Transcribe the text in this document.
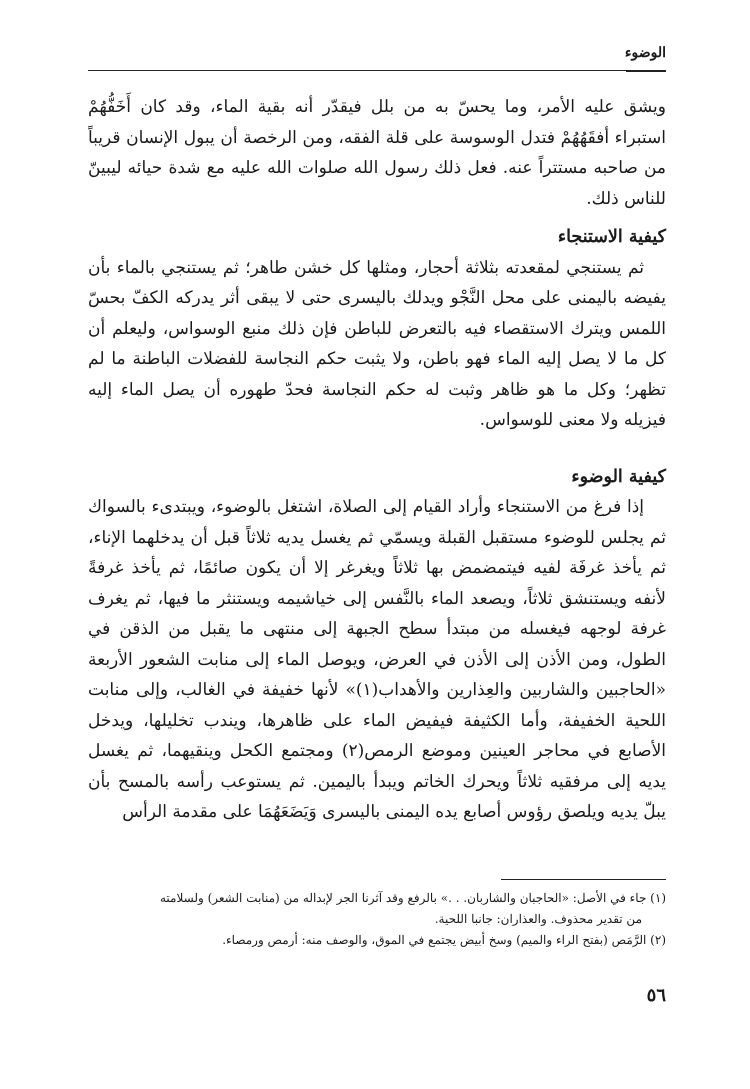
الوضوء

ويشق عليه الأمر، وما يحسّ به من بلل فيقدّر أنه بقية الماء، وقد كان أَخَفُّهُمْ استبراء أفقَهُهُمْ فتدل الوسوسة على قلة الفقه، ومن الرخصة أن يبول الإنسان قريباً من صاحبه مستتراً عنه. فعل ذلك رسول الله صلوات الله عليه مع شدة حيائه ليبينّ للناس ذلك.

كيفية الاستنجاء

ثم يستنجي لمقعدته بثلاثة أحجار، ومثلها كل خشن طاهر؛ ثم يستنجي بالماء بأن يفيضه باليمنى على محل النَّجْو ويدلك باليسرى حتى لا يبقى أثر يدركه الكفّ بحسّ اللمس ويترك الاستقصاء فيه بالتعرض للباطن فإن ذلك منبع الوسواس، وليعلم أن كل ما لا يصل إليه الماء فهو باطن، ولا يثبت حكم النجاسة للفضلات الباطنة ما لم تظهر؛ وكل ما هو ظاهر وثبت له حكم النجاسة فحدّ طهوره أن يصل الماء إليه فيزيله ولا معنى للوسواس.

كيفية الوضوء

إذا فرغ من الاستنجاء وأراد القيام إلى الصلاة، اشتغل بالوضوء، ويبتدىء بالسواك ثم يجلس للوضوء مستقبل القبلة ويسمّي ثم يغسل يديه ثلاثاً قبل أن يدخلهما الإناء، ثم يأخذ غرفَة لفيه فيتمضمض بها ثلاثاً ويغرغر إلا أن يكون صائمًا، ثم يأخذ غرفةً لأنفه ويستنشق ثلاثاً، ويصعد الماء بالنَّفس إلى خياشيمه ويستنثر ما فيها، ثم يغرف غرفة لوجهه فيغسله من مبتدأ سطح الجبهة إلى منتهى ما يقبل من الذقن في الطول، ومن الأذن إلى الأذن في العرض، ويوصل الماء إلى منابت الشعور الأربعة «الحاجبين والشاربين والعِذارين والأهداب(١)» لأنها خفيفة في الغالب، وإلى منابت اللحية الخفيفة، وأما الكثيفة فيفيض الماء على ظاهرها، ويندب تخليلها، ويدخل الأصابع في محاجر العينين وموضع الرمص(٢) ومجتمع الكحل وينقيهما، ثم يغسل يديه إلى مرفقيه ثلاثاً ويحرك الخاتم ويبدأ باليمين. ثم يستوعب رأسه بالمسح بأن يبلّ يديه ويلصق رؤوس أصابع يده اليمنى باليسرى وَيَضَعَهُمَا على مقدمة الرأس

(١) جاء في الأصل: «الحاجبان والشاربان. . .» بالرفع وقد آثرنا الجر لإبداله من (منابت الشعر) ولسلامته

من تقدير محذوف. والعذاران: جانبا اللحية.

(٢) الرَّمَص (بفتح الراء والميم) وسخ أبيض يجتمع في الموق، والوصف منه: أرمص ورمصاء.

٥٦
